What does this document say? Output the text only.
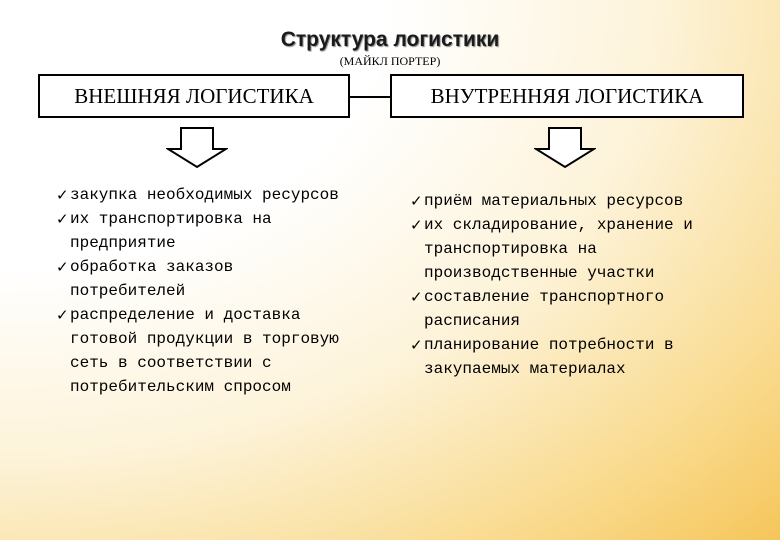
Структура логистики
(МАЙКЛ ПОРТЕР)
ВНЕШНЯЯ ЛОГИСТИКА	ВНУТРЕННЯЯ ЛОГИСТИКА
✓ закупка необходимых ресурсов
✓ их транспортировка на предприятие
✓ обработка заказов потребителей
✓ распределение и доставка готовой продукции в торговую сеть в соответствии с потребительским спросом
✓ приём материальных ресурсов
✓ их складирование, хранение и транспортировка на производственные участки
✓ составление транспортного расписания
✓ планирование потребности в закупаемых материалах
